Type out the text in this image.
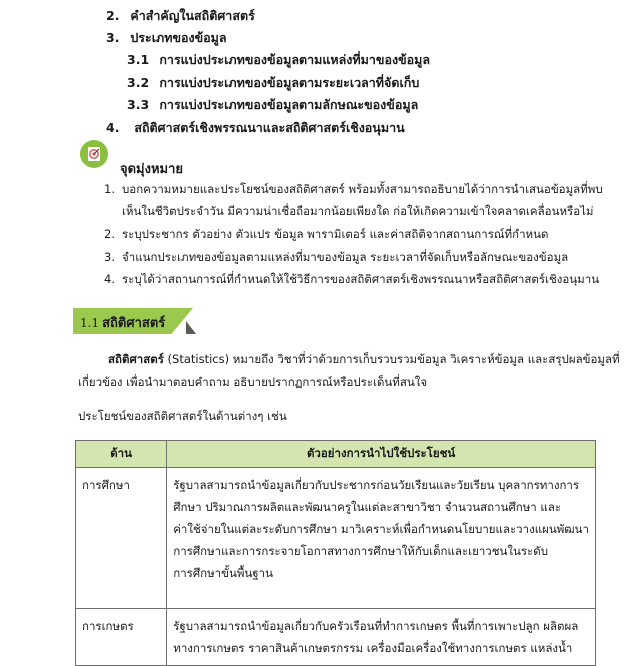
2. คำสำคัญในสถิติศาสตร์
3. ประเภทของข้อมูล
3.1 การแบ่งประเภทของข้อมูลตามแหล่งที่มาของข้อมูล
3.2 การแบ่งประเภทของข้อมูลตามระยะเวลาที่จัดเก็บ
3.3 การแบ่งประเภทของข้อมูลตามลักษณะของข้อมูล
4. สถิติศาสตร์เชิงพรรณนาและสถิติศาสตร์เชิงอนุมาน
จุดมุ่งหมาย
1. บอกความหมายและประโยชน์ของสถิติศาสตร์ พร้อมทั้งสามารถอธิบายได้ว่าการนำเสนอข้อมูลที่พบ
เห็นในชีวิตประจำวัน มีความน่าเชื่อถือมากน้อยเพียงใด ก่อให้เกิดความเข้าใจคลาดเคลื่อนหรือไม่
2. ระบุประชากร ตัวอย่าง ตัวแปร ข้อมูล พารามิเตอร์ และค่าสถิติจากสถานการณ์ที่กำหนด
3. จำแนกประเภทของข้อมูลตามแหล่งที่มาของข้อมูล ระยะเวลาที่จัดเก็บหรือลักษณะของข้อมูล
4. ระบุได้ว่าสถานการณ์ที่กำหนดให้ใช้วิธีการของสถิติศาสตร์เชิงพรรณนาหรือสถิติศาสตร์เชิงอนุมาน
1.1 สถิติศาสตร์
สถิติศาสตร์ (Statistics) หมายถึง วิชาที่ว่าด้วยการเก็บรวบรวมข้อมูล วิเคราะห์ข้อมูล และสรุปผลข้อมูลที่
เกี่ยวข้อง เพื่อนำมาตอบคำถาม อธิบายปรากฏการณ์หรือประเด็นที่สนใจ
ประโยชน์ของสถิติศาสตร์ในด้านต่างๆ เช่น
ด้าน	ตัวอย่างการนำไปใช้ประโยชน์
การศึกษา	รัฐบาลสามารถนำข้อมูลเกี่ยวกับประชากรก่อนวัยเรียนและวัยเรียน บุคลากรทางการ
ศึกษา ปริมาณการผลิตและพัฒนาครูในแต่ละสาขาวิชา จำนวนสถานศึกษา และ
ค่าใช้จ่ายในแต่ละระดับการศึกษา มาวิเคราะห์เพื่อกำหนดนโยบายและวางแผนพัฒนา
การศึกษาและการกระจายโอกาสทางการศึกษาให้กับเด็กและเยาวชนในระดับ
การศึกษาขั้นพื้นฐาน

การเกษตร	รัฐบาลสามารถนำข้อมูลเกี่ยวกับครัวเรือนที่ทำการเกษตร พื้นที่การเพาะปลูก ผลิตผล
ทางการเกษตร ราคาสินค้าเกษตรกรรม เครื่องมือเครื่องใช้ทางการเกษตร แหล่งน้ำ
